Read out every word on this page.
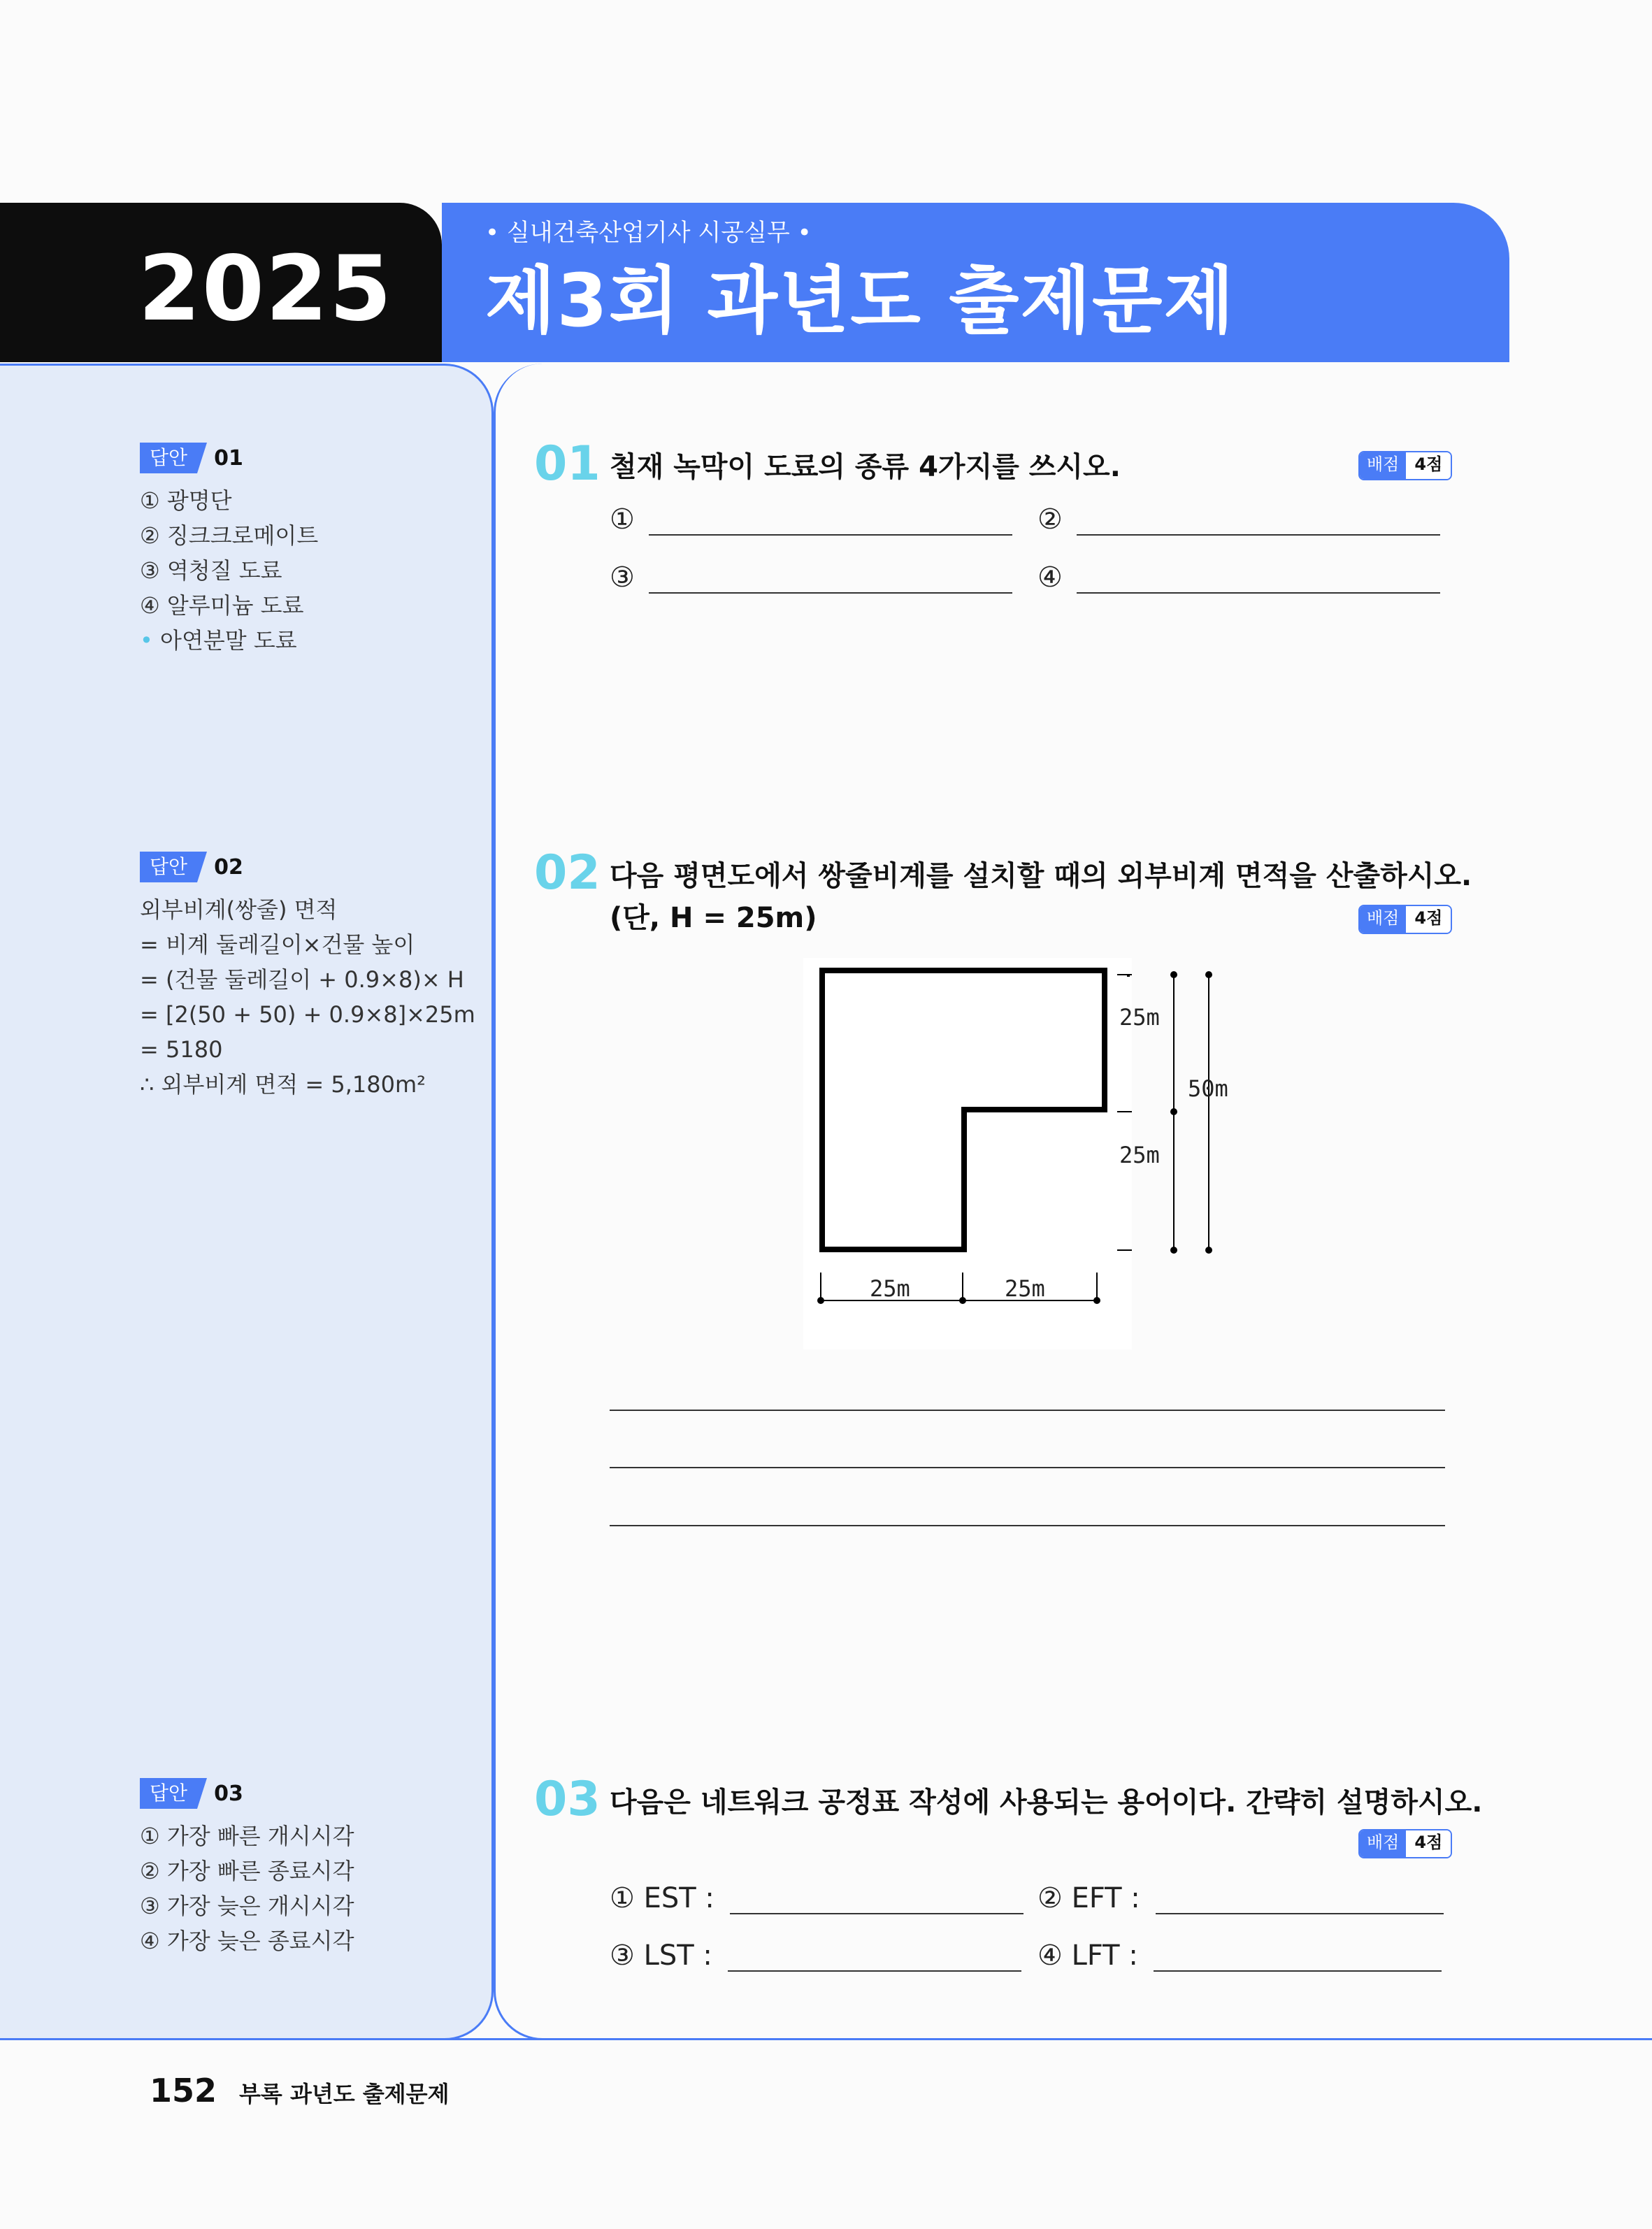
2025
• 실내건축산업기사 시공실무 •
제3회 과년도 출제문제
답안	01
① 광명단
② 징크크로메이트
③ 역청질 도료
④ 알루미늄 도료
• 아연분말 도료
답안	02
외부비계(쌍줄) 면적
= 비계 둘레길이×건물 높이
= (건물 둘레길이 + 0.9×8)× H
= [2(50 + 50) + 0.9×8]×25m
= 5180
∴ 외부비계 면적 = 5,180m²
답안	03
① 가장 빠른 개시시각
② 가장 빠른 종료시각
③ 가장 늦은 개시시각
④ 가장 늦은 종료시각
01 철재 녹막이 도료의 종류 4가지를 쓰시오.	배점 4점
①	②
③	④
02 다음 평면도에서 쌍줄비계를 설치할 때의 외부비계 면적을 산출하시오.
(단, H = 25m)	배점 4점
25m
25m
50m
25m	25m
03 다음은 네트워크 공정표 작성에 사용되는 용어이다. 간략히 설명하시오.
배점 4점
① EST :	② EFT :
③ LST :	④ LFT :
152 부록 과년도 출제문제
